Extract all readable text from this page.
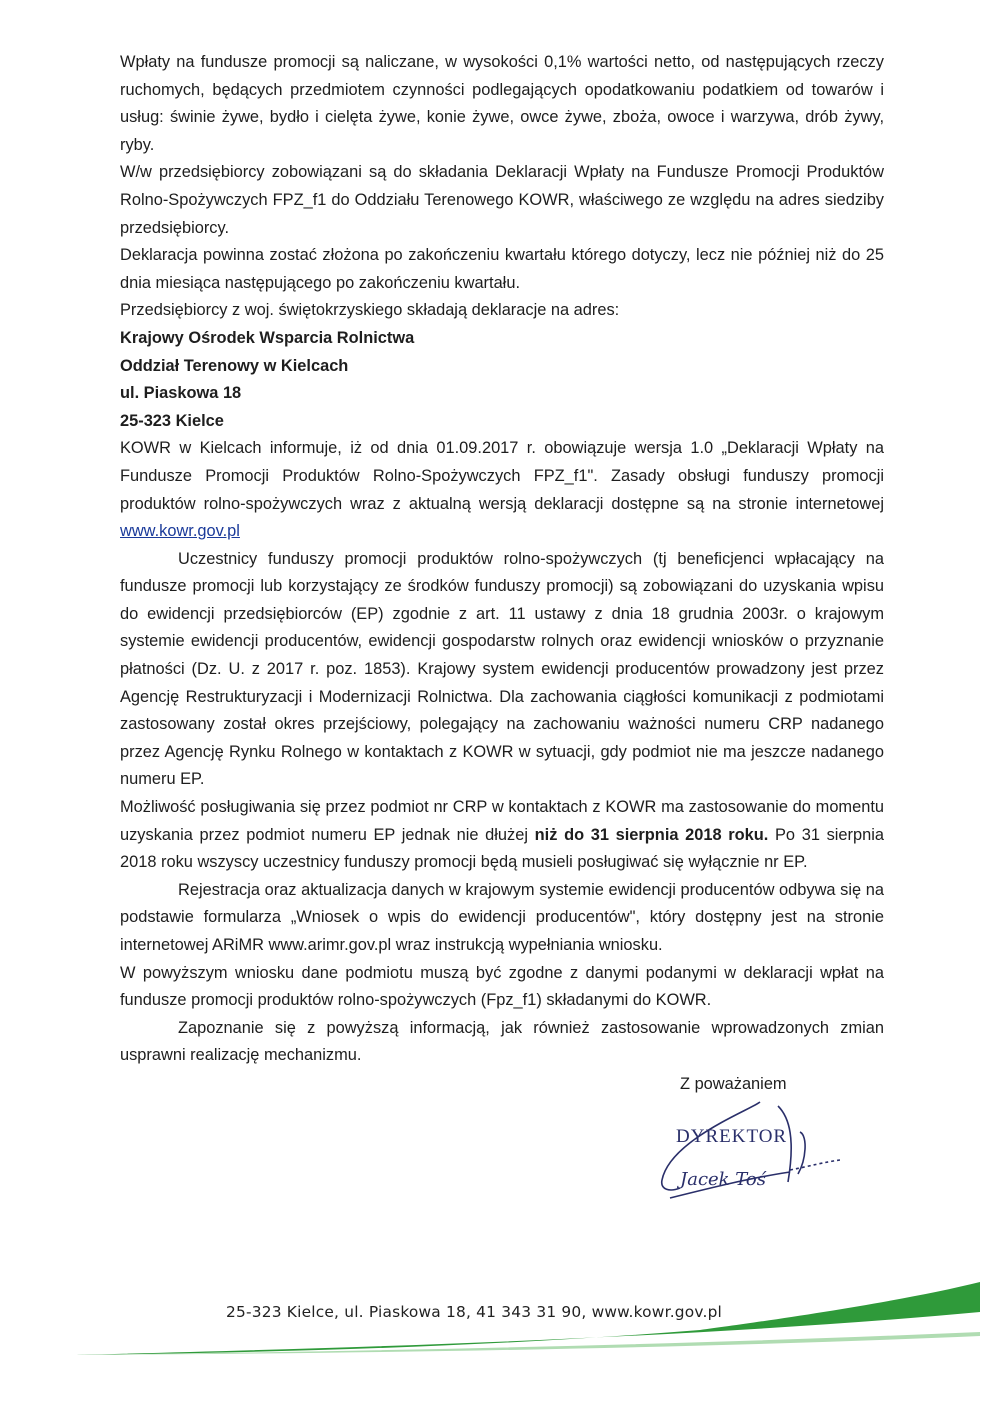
Wpłaty na fundusze promocji są naliczane, w wysokości 0,1% wartości netto, od następujących rzeczy ruchomych, będących przedmiotem czynności podlegających opodatkowaniu podatkiem od towarów i usług: świnie żywe, bydło i cielęta żywe, konie żywe, owce żywe, zboża, owoce i warzywa, drób żywy, ryby.

W/w przedsiębiorcy zobowiązani są do składania Deklaracji Wpłaty na Fundusze Promocji Produktów Rolno-Spożywczych FPZ_f1 do Oddziału Terenowego KOWR, właściwego ze względu na adres siedziby przedsiębiorcy.

Deklaracja powinna zostać złożona po zakończeniu kwartału którego dotyczy, lecz nie później niż do 25 dnia miesiąca następującego po zakończeniu kwartału.

Przedsiębiorcy z woj. świętokrzyskiego składają deklaracje na adres:

Krajowy Ośrodek Wsparcia Rolnictwa

Oddział Terenowy w Kielcach

ul. Piaskowa 18

25-323 Kielce

KOWR w Kielcach informuje, iż od dnia 01.09.2017 r. obowiązuje wersja 1.0 „Deklaracji Wpłaty na Fundusze Promocji Produktów Rolno-Spożywczych FPZ_f1". Zasady obsługi funduszy promocji produktów rolno-spożywczych wraz z aktualną wersją deklaracji dostępne są na stronie internetowej www.kowr.gov.pl

Uczestnicy funduszy promocji produktów rolno-spożywczych (tj beneficjenci wpłacający na fundusze promocji lub korzystający ze środków funduszy promocji) są zobowiązani do uzyskania wpisu do ewidencji przedsiębiorców (EP) zgodnie z art. 11 ustawy z dnia 18 grudnia 2003r. o krajowym systemie ewidencji producentów, ewidencji gospodarstw rolnych oraz ewidencji wniosków o przyznanie płatności (Dz. U. z 2017 r. poz. 1853). Krajowy system ewidencji producentów prowadzony jest przez Agencję Restrukturyzacji i Modernizacji Rolnictwa. Dla zachowania ciągłości komunikacji z podmiotami zastosowany został okres przejściowy, polegający na zachowaniu ważności numeru CRP nadanego przez Agencję Rynku Rolnego w kontaktach z KOWR w sytuacji, gdy podmiot nie ma jeszcze nadanego numeru EP.

Możliwość posługiwania się przez podmiot nr CRP w kontaktach z KOWR ma zastosowanie do momentu uzyskania przez podmiot numeru EP jednak nie dłużej niż do 31 sierpnia 2018 roku. Po 31 sierpnia 2018 roku wszyscy uczestnicy funduszy promocji będą musieli posługiwać się wyłącznie nr EP.

Rejestracja oraz aktualizacja danych w krajowym systemie ewidencji producentów odbywa się na podstawie formularza „Wniosek o wpis do ewidencji producentów", który dostępny jest na stronie internetowej ARiMR www.arimr.gov.pl wraz instrukcją wypełniania wniosku.

W powyższym wniosku dane podmiotu muszą być zgodne z danymi podanymi w deklaracji wpłat na fundusze promocji produktów rolno-spożywczych (Fpz_f1) składanymi do KOWR.

Zapoznanie się z powyższą informacją, jak również zastosowanie wprowadzonych zmian usprawni realizację mechanizmu.

Z poważaniem
DYREKTOR
Jacek Toś
25-323 Kielce, ul. Piaskowa 18, 41 343 31 90, www.kowr.gov.pl
